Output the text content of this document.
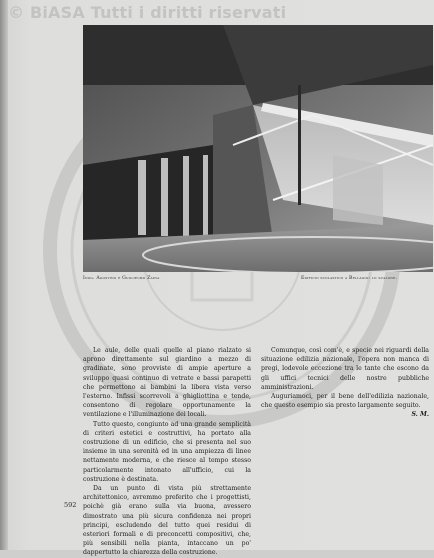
© BiASA Tutti i diritti riservati
Ingg. Agostino e Guglielmo Zaina	Edificio scolastico a Bellagio: lo scalone.

Le aule, delle quali quelle al piano rialzato si aprono direttamente sul giardino a mezzo di gradinate, sono provviste di ampie aperture a sviluppo quasi continuo di vetrate e bassi parapetti che permettono ai bambini la libera vista verso l'esterno. Infissi scorrevoli a ghigliottina e tende, consentono di regolare opportunamente la ventilazione e l'illuminazione dei locali.

Tutto questo, congiunto ad una grande semplicità di criteri estetici e costruttivi, ha portato alla costruzione di un edificio, che si presenta nel suo insieme in una serenità ed in una ampiezza di linee nettamente moderna, e che riesce al tempo stesso particolarmente intonato all'ufficio, cui la costruzione è destinata.

Da un punto di vista più strettamente architettonico, avremmo preferito che i progettisti, poichè già erano sulla via buona, avessero dimostrato una più sicura confidenza nei propri principi, escludendo del tutto quei residui di esteriori formali e di preconcetti compositivi, che, più sensibili nella pianta, intaccano un po' dappertutto la chiarezza della costruzione.

Comunque, così com'è, e specie nei riguardi della situazione edilizia nazionale, l'opera non manca di pregi, lodevole eccezione tra le tante che escono da gli uffici tecnici delle nostre pubbliche amministrazioni.

Auguriamoci, per il bene dell'edilizia nazionale, che questo esempio sia presto largamente seguito.

S. M.

592
